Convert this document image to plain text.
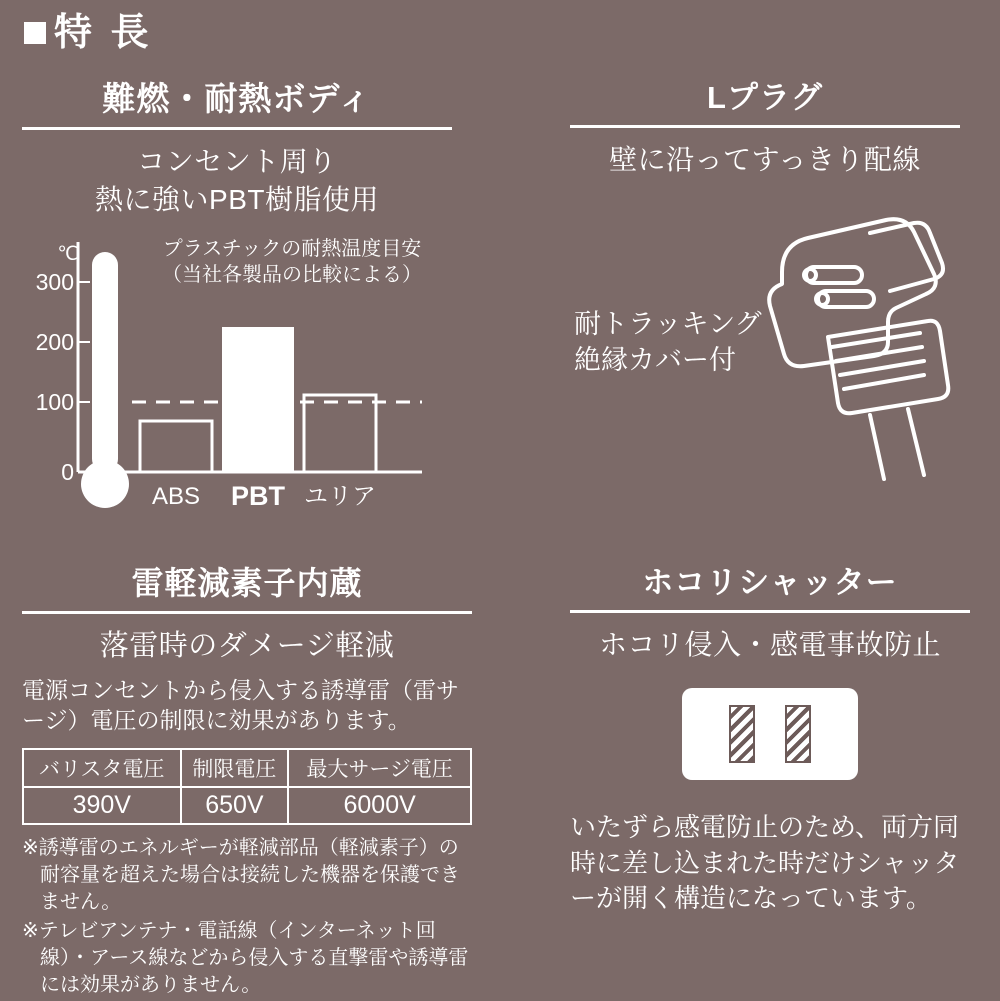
特 長
難燃・耐熱ボディ
コンセント周り
熱に強いPBT樹脂使用
プラスチックの耐熱温度目安
（当社各製品の比較による）
300
200
100
0
℃
ABS PBT ユリア
Lプラグ
壁に沿ってすっきり配線
耐トラッキング
絶縁カバー付
雷軽減素子内蔵
落雷時のダメージ軽減
電源コンセントから侵入する誘導雷（雷サージ）電圧の制限に効果があります。
バリスタ電圧	制限電圧	最大サージ電圧
390V	650V	6000V

※誘導雷のエネルギーが軽減部品（軽減素子）の耐容量を超えた場合は接続した機器を保護できません。

※テレビアンテナ・電話線（インターネット回線）・アース線などから侵入する直撃雷や誘導雷には効果がありません。

ホコリシャッター
ホコリ侵入・感電事故防止
いたずら感電防止のため、両方同時に差し込まれた時だけシャッターが開く構造になっています。
